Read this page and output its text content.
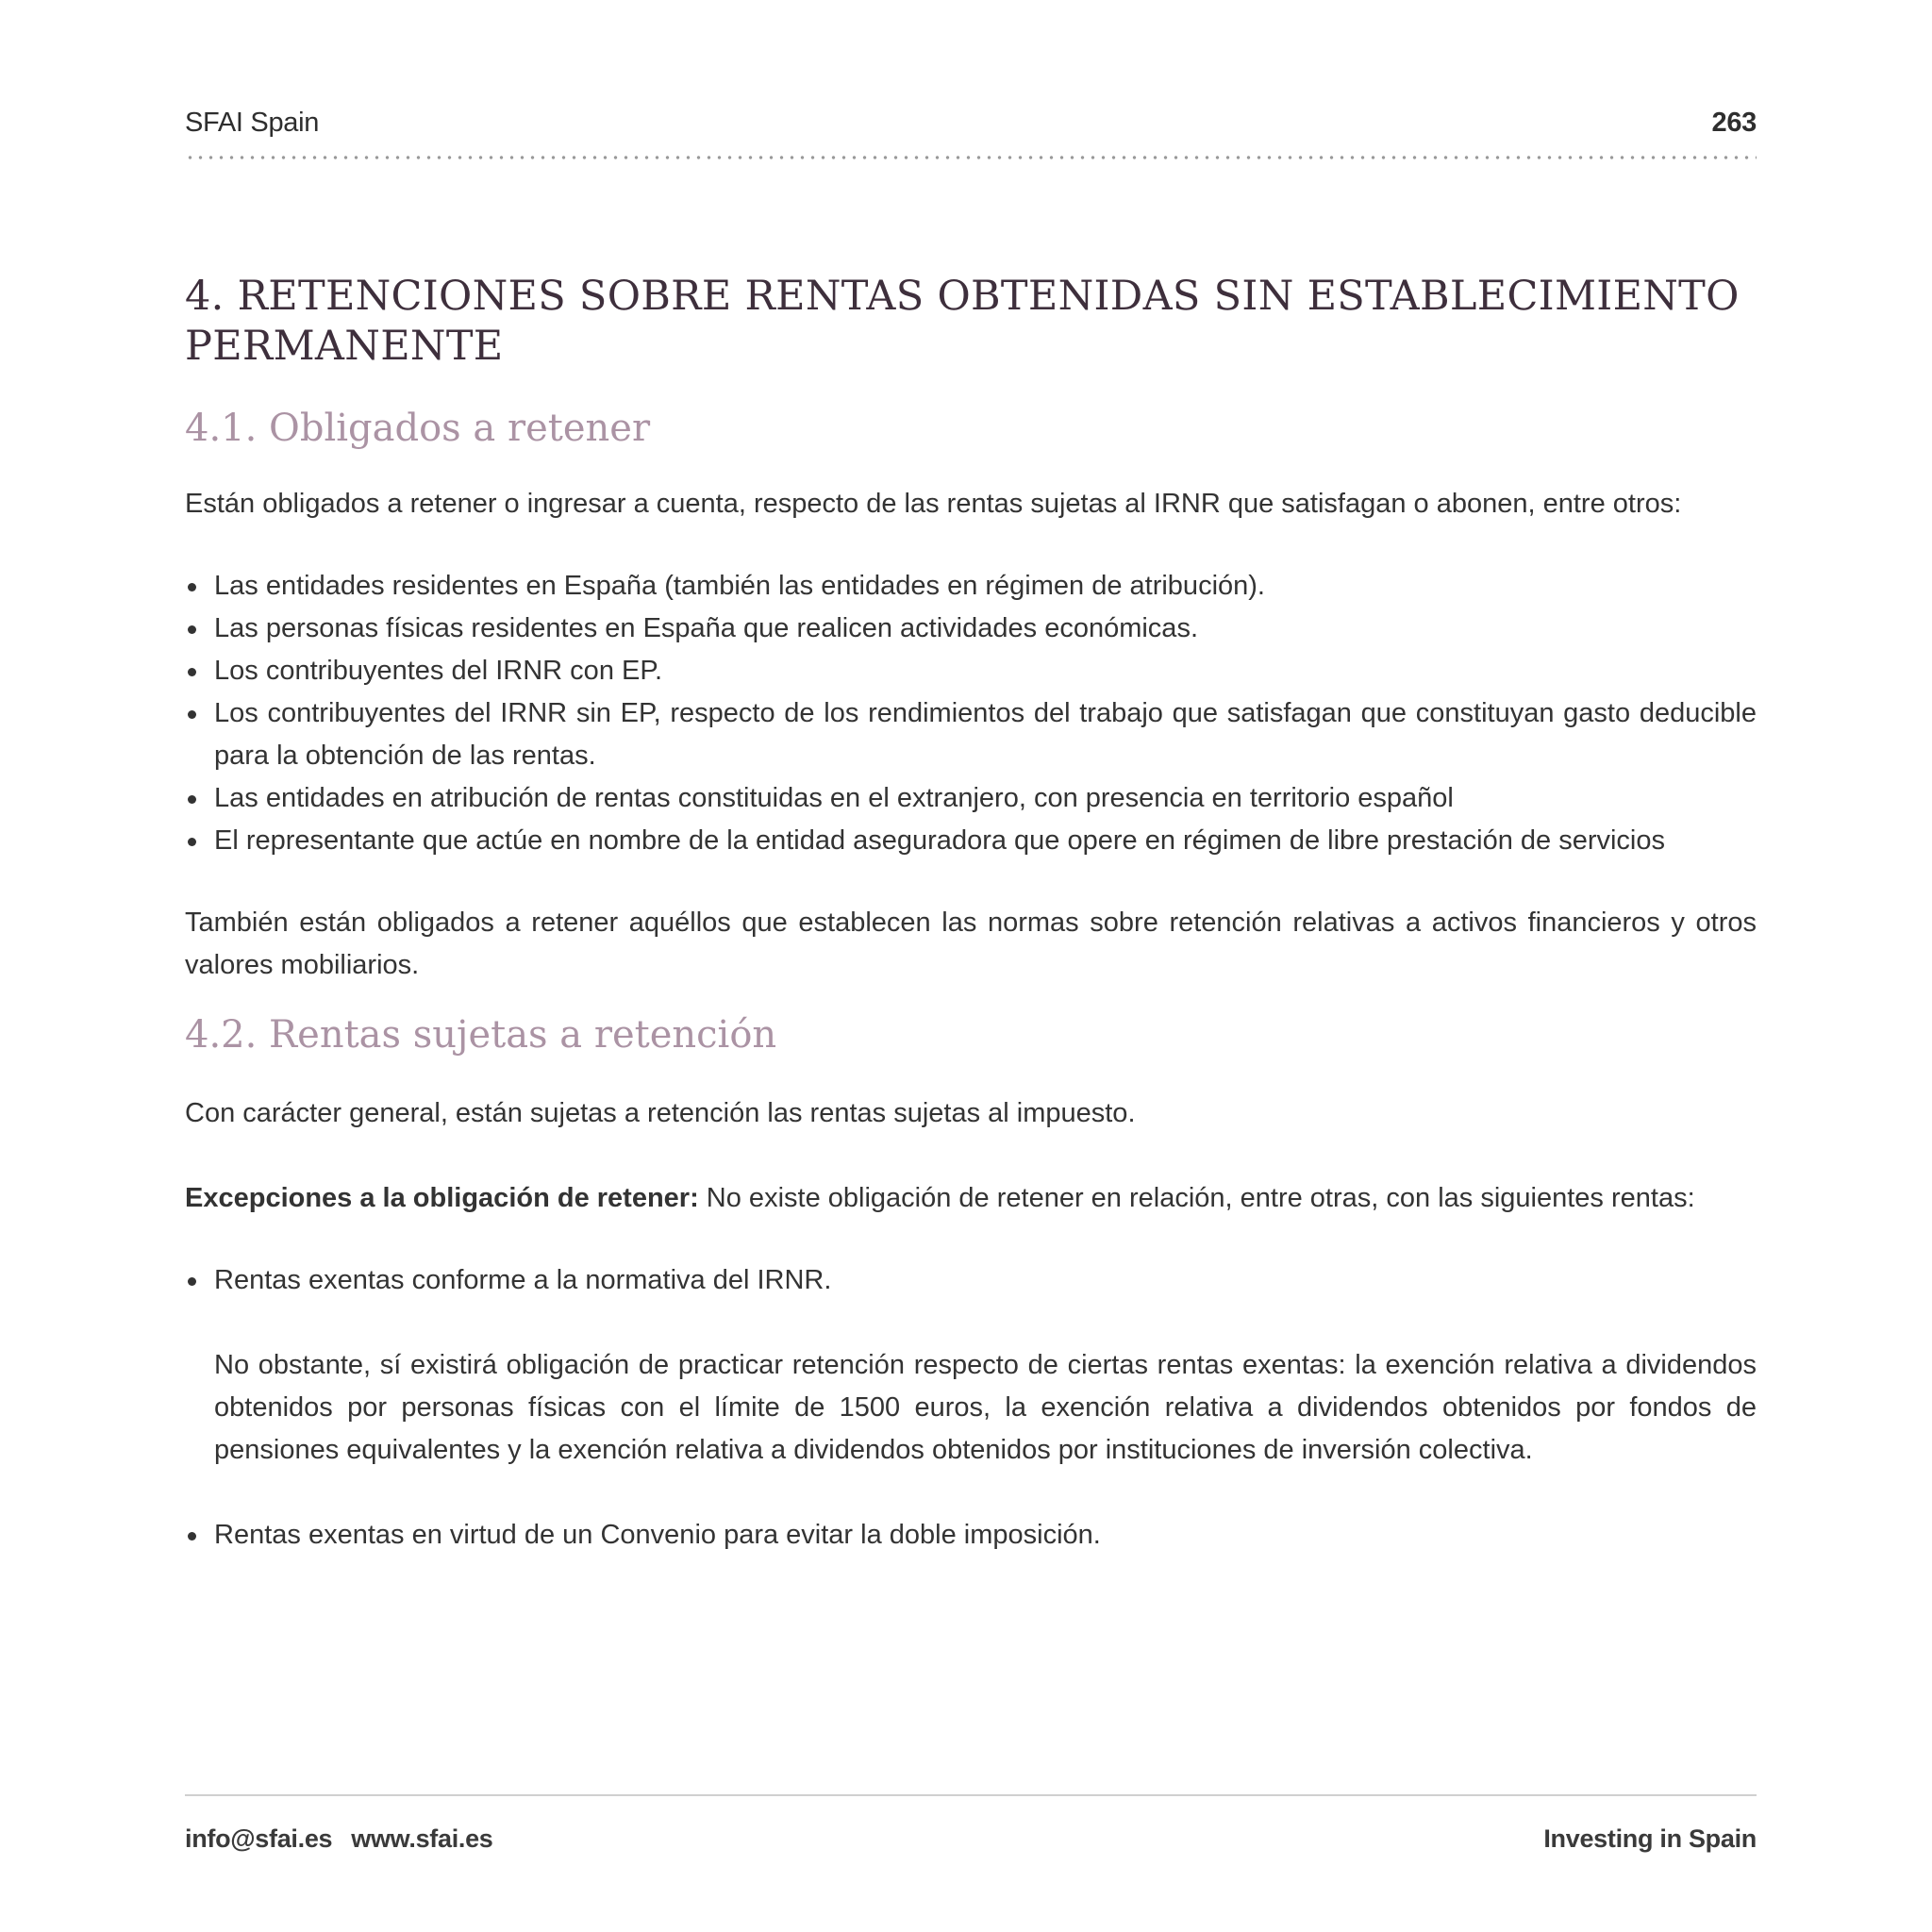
SFAI Spain	263
4. RETENCIONES SOBRE RENTAS OBTENIDAS SIN ESTABLECIMIENTO PERMANENTE
4.1. Obligados a retener

Están obligados a retener o ingresar a cuenta, respecto de las rentas sujetas al IRNR que satisfagan o abonen, entre otros:

Las entidades residentes en España (también las entidades en régimen de atribución).
Las personas físicas residentes en España que realicen actividades económicas.
Los contribuyentes del IRNR con EP.
Los contribuyentes del IRNR sin EP, respecto de los rendimientos del trabajo que satisfagan que constituyan gasto deducible para la obtención de las rentas.
Las entidades en atribución de rentas constituidas en el extranjero, con presencia en territorio español
El representante que actúe en nombre de la entidad aseguradora que opere en régimen de libre prestación de servicios

También están obligados a retener aquéllos que establecen las normas sobre retención relativas a activos financieros y otros valores mobiliarios.

4.2. Rentas sujetas a retención

Con carácter general, están sujetas a retención las rentas sujetas al impuesto.

Excepciones a la obligación de retener: No existe obligación de retener en relación, entre otras, con las siguientes rentas:

Rentas exentas conforme a la normativa del IRNR.

No obstante, sí existirá obligación de practicar retención respecto de ciertas rentas exentas: la exención relativa a dividendos obtenidos por personas físicas con el límite de 1500 euros, la exención relativa a dividendos obtenidos por fondos de pensiones equivalentes y la exención relativa a dividendos obtenidos por instituciones de inversión colectiva.

Rentas exentas en virtud de un Convenio para evitar la doble imposición.
info@sfai.es www.sfai.es	Investing in Spain
